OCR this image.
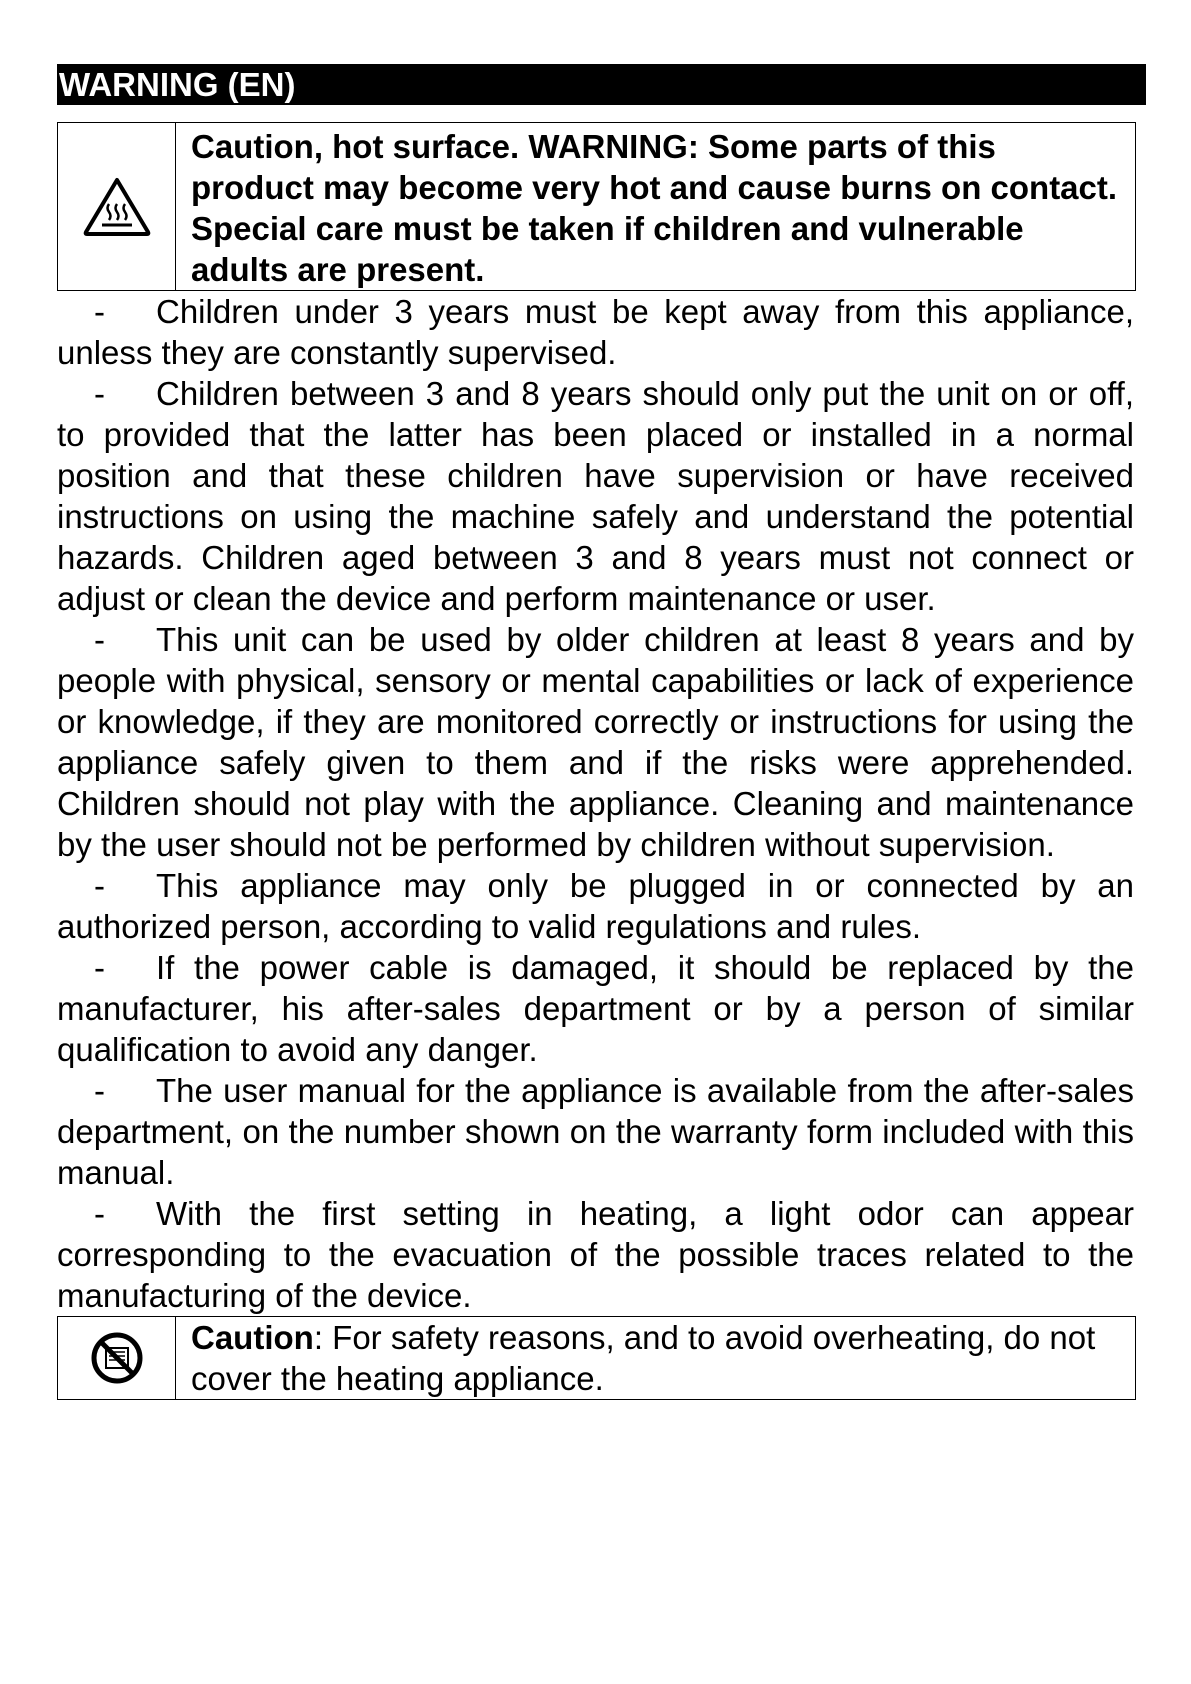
WARNING (EN)
Caution, hot surface. WARNING: Some parts of this product may become very hot and cause burns on contact. Special care must be taken if children and vulnerable adults are present.
- Children under 3 years must be kept away from this appliance, unless they are constantly supervised.
- Children between 3 and 8 years should only put the unit on or off, to provided that the latter has been placed or installed in a normal position and that these children have supervision or have received instructions on using the machine safely and understand the potential hazards. Children aged between 3 and 8 years must not connect or adjust or clean the device and perform maintenance or user.
- This unit can be used by older children at least 8 years and by people with physical, sensory or mental capabilities or lack of experience or knowledge, if they are monitored correctly or instructions for using the appliance safely given to them and if the risks were apprehended. Children should not play with the appliance. Cleaning and maintenance by the user should not be performed by children without supervision.
- This appliance may only be plugged in or connected by an authorized person, according to valid regulations and rules.
- If the power cable is damaged, it should be replaced by the manufacturer, his after-sales department or by a person of similar qualification to avoid any danger.
- The user manual for the appliance is available from the after-sales department, on the number shown on the warranty form included with this manual.
- With the first setting in heating, a light odor can appear corresponding to the evacuation of the possible traces related to the manufacturing of the device.
Caution: For safety reasons, and to avoid overheating, do not cover the heating appliance.
